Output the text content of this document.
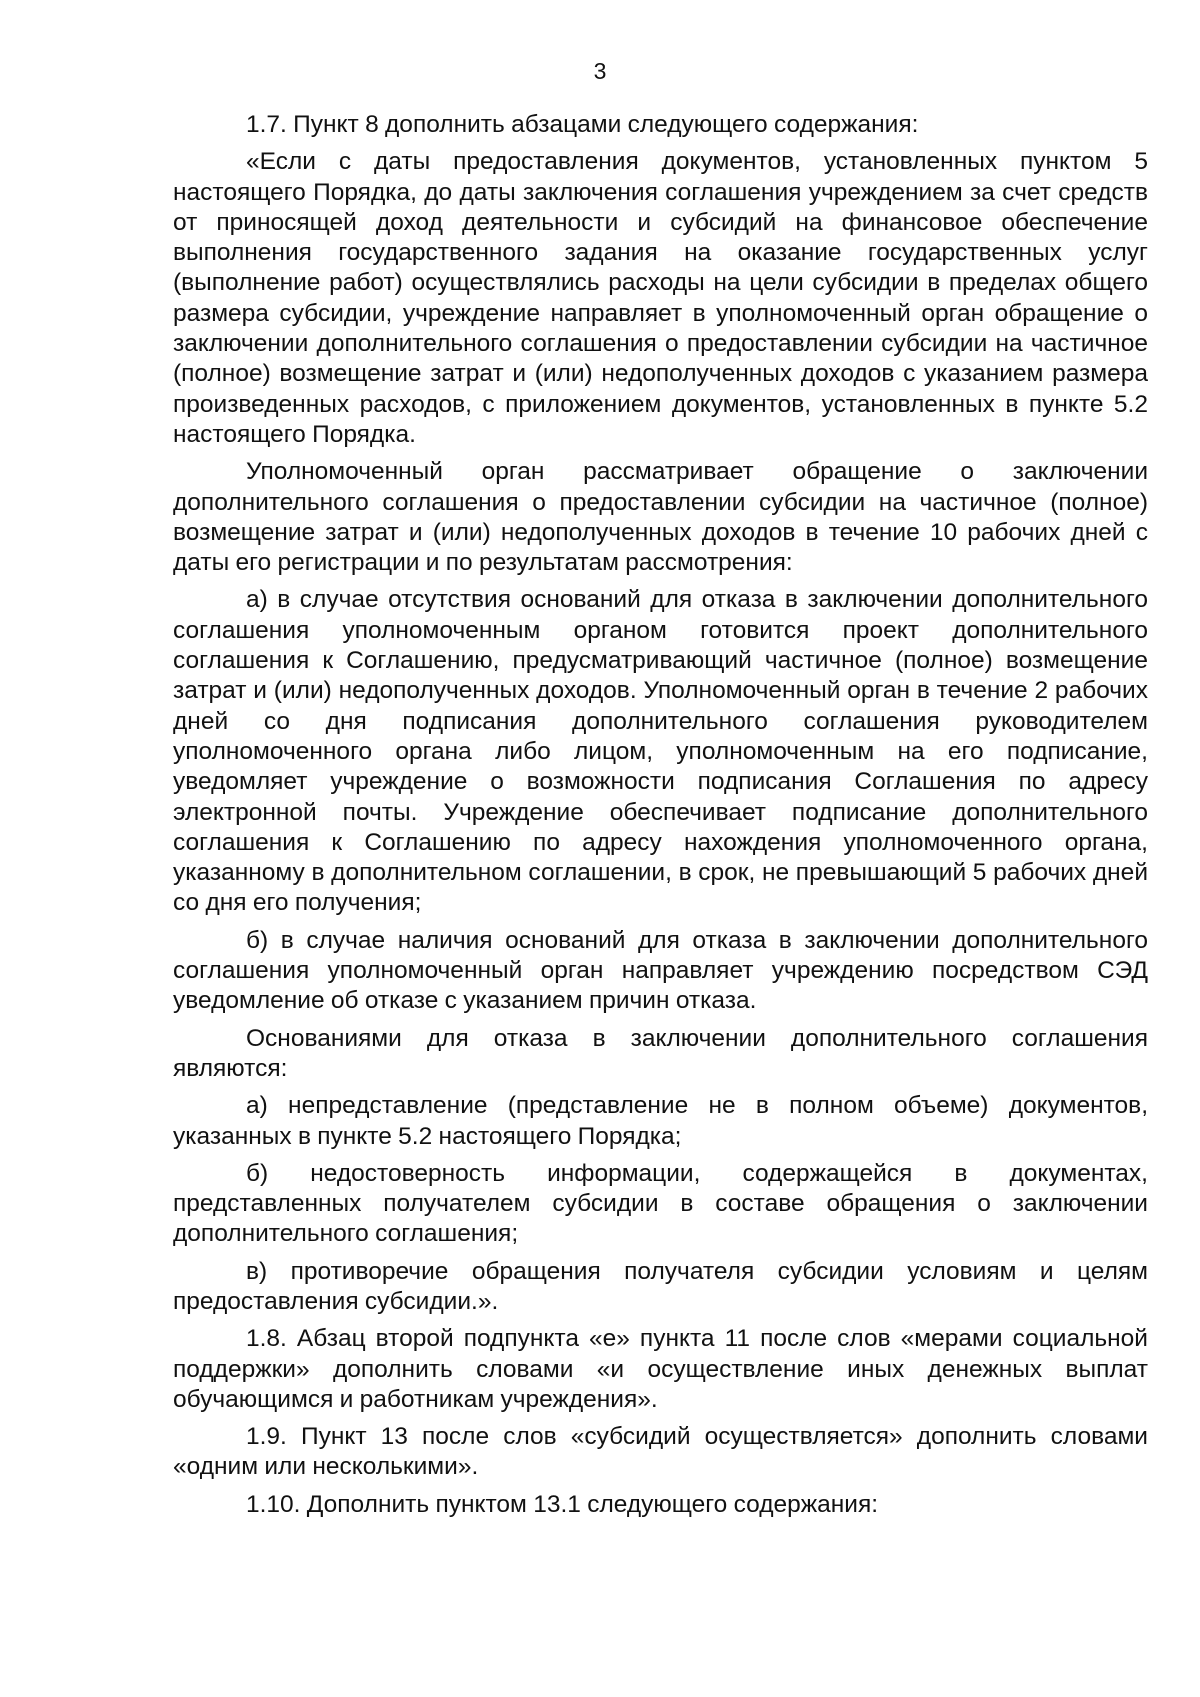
3

1.7. Пункт 8 дополнить абзацами следующего содержания:

«Если с даты предоставления документов, установленных пунктом 5 настоящего Порядка, до даты заключения соглашения учреждением за счет средств от приносящей доход деятельности и субсидий на финансовое обеспечение выполнения государственного задания на оказание государственных услуг (выполнение работ) осуществлялись расходы на цели субсидии в пределах общего размера субсидии, учреждение направляет в уполномоченный орган обращение о заключении дополнительного соглашения о предоставлении субсидии на частичное (полное) возмещение затрат и (или) недополученных доходов с указанием размера произведенных расходов, с приложением документов, установленных в пункте 5.2 настоящего Порядка.

Уполномоченный орган рассматривает обращение о заключении дополнительного соглашения о предоставлении субсидии на частичное (полное) возмещение затрат и (или) недополученных доходов в течение 10 рабочих дней с даты его регистрации и по результатам рассмотрения:

а) в случае отсутствия оснований для отказа в заключении дополнительного соглашения уполномоченным органом готовится проект дополнительного соглашения к Соглашению, предусматривающий частичное (полное) возмещение затрат и (или) недополученных доходов. Уполномоченный орган в течение 2 рабочих дней со дня подписания дополнительного соглашения руководителем уполномоченного органа либо лицом, уполномоченным на его подписание, уведомляет учреждение о возможности подписания Соглашения по адресу электронной почты. Учреждение обеспечивает подписание дополнительного соглашения к Соглашению по адресу нахождения уполномоченного органа, указанному в дополнительном соглашении, в срок, не превышающий 5 рабочих дней со дня его получения;

б) в случае наличия оснований для отказа в заключении дополнительного соглашения уполномоченный орган направляет учреждению посредством СЭД уведомление об отказе с указанием причин отказа.

Основаниями для отказа в заключении дополнительного соглашения являются:

а) непредставление (представление не в полном объеме) документов, указанных в пункте 5.2 настоящего Порядка;

б) недостоверность информации, содержащейся в документах, представленных получателем субсидии в составе обращения о заключении дополнительного соглашения;

в) противоречие обращения получателя субсидии условиям и целям предоставления субсидии.».

1.8. Абзац второй подпункта «е» пункта 11 после слов «мерами социальной поддержки» дополнить словами «и осуществление иных денежных выплат обучающимся и работникам учреждения».

1.9. Пункт 13 после слов «субсидий осуществляется» дополнить словами «одним или несколькими».

1.10. Дополнить пунктом 13.1 следующего содержания:
